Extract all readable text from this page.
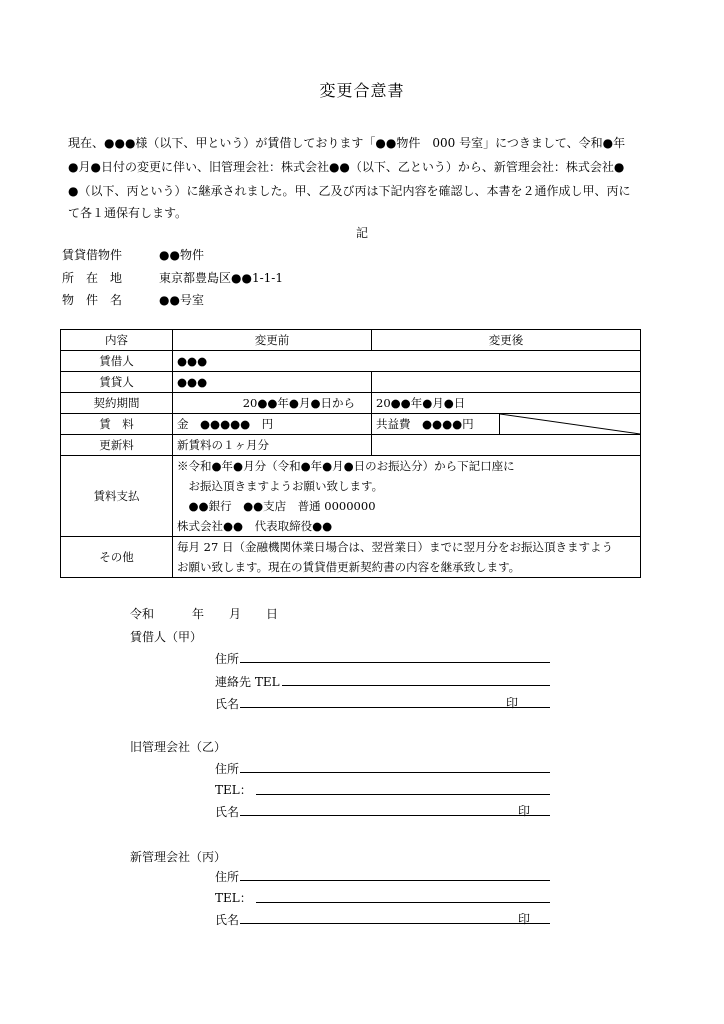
変更合意書
現在、●●●様（以下、甲という）が賃借しております「●●物件　000 号室」につきまして、令和●年
●月●日付の変更に伴い、旧管理会社：株式会社●●（以下、乙という）から、新管理会社：株式会社●
●（以下、丙という）に継承されました。甲、乙及び丙は下記内容を確認し、本書を２通作成し甲、丙に
て各１通保有します。
記
賃貸借物件	●●物件
所　在　地	東京都豊島区●●1-1-1
物　件　名	●●号室
内容	変更前	変更後	
賃借人	●●●		
賃貸人	●●●		
契約期間	20●●年●月●日から	20●●年●月●日	
賃　料	金　●●●●●　円	共益費　●●●●円	

更新料	新賃料の１ヶ月分		
賃料支払	※令和●年●月分（令和●年●月●日のお振込分）から下記口座に
　お振込頂きますようお願い致します。
　●●銀行　●●支店　普通 0000000
株式会社●●　代表取締役●●		

その他	毎月 27 日（金融機関休業日場合は、翌営業日）までに翌月分をお振込頂きますよう
お願い致します。現在の賃貸借更新契約書の内容を継承致します。		
令和	年 月 日
賃借人（甲）
住所
連絡先 TEL
氏名	印
旧管理会社（乙）
住所
TEL：
氏名	印
新管理会社（丙）
住所
TEL：
氏名	印
